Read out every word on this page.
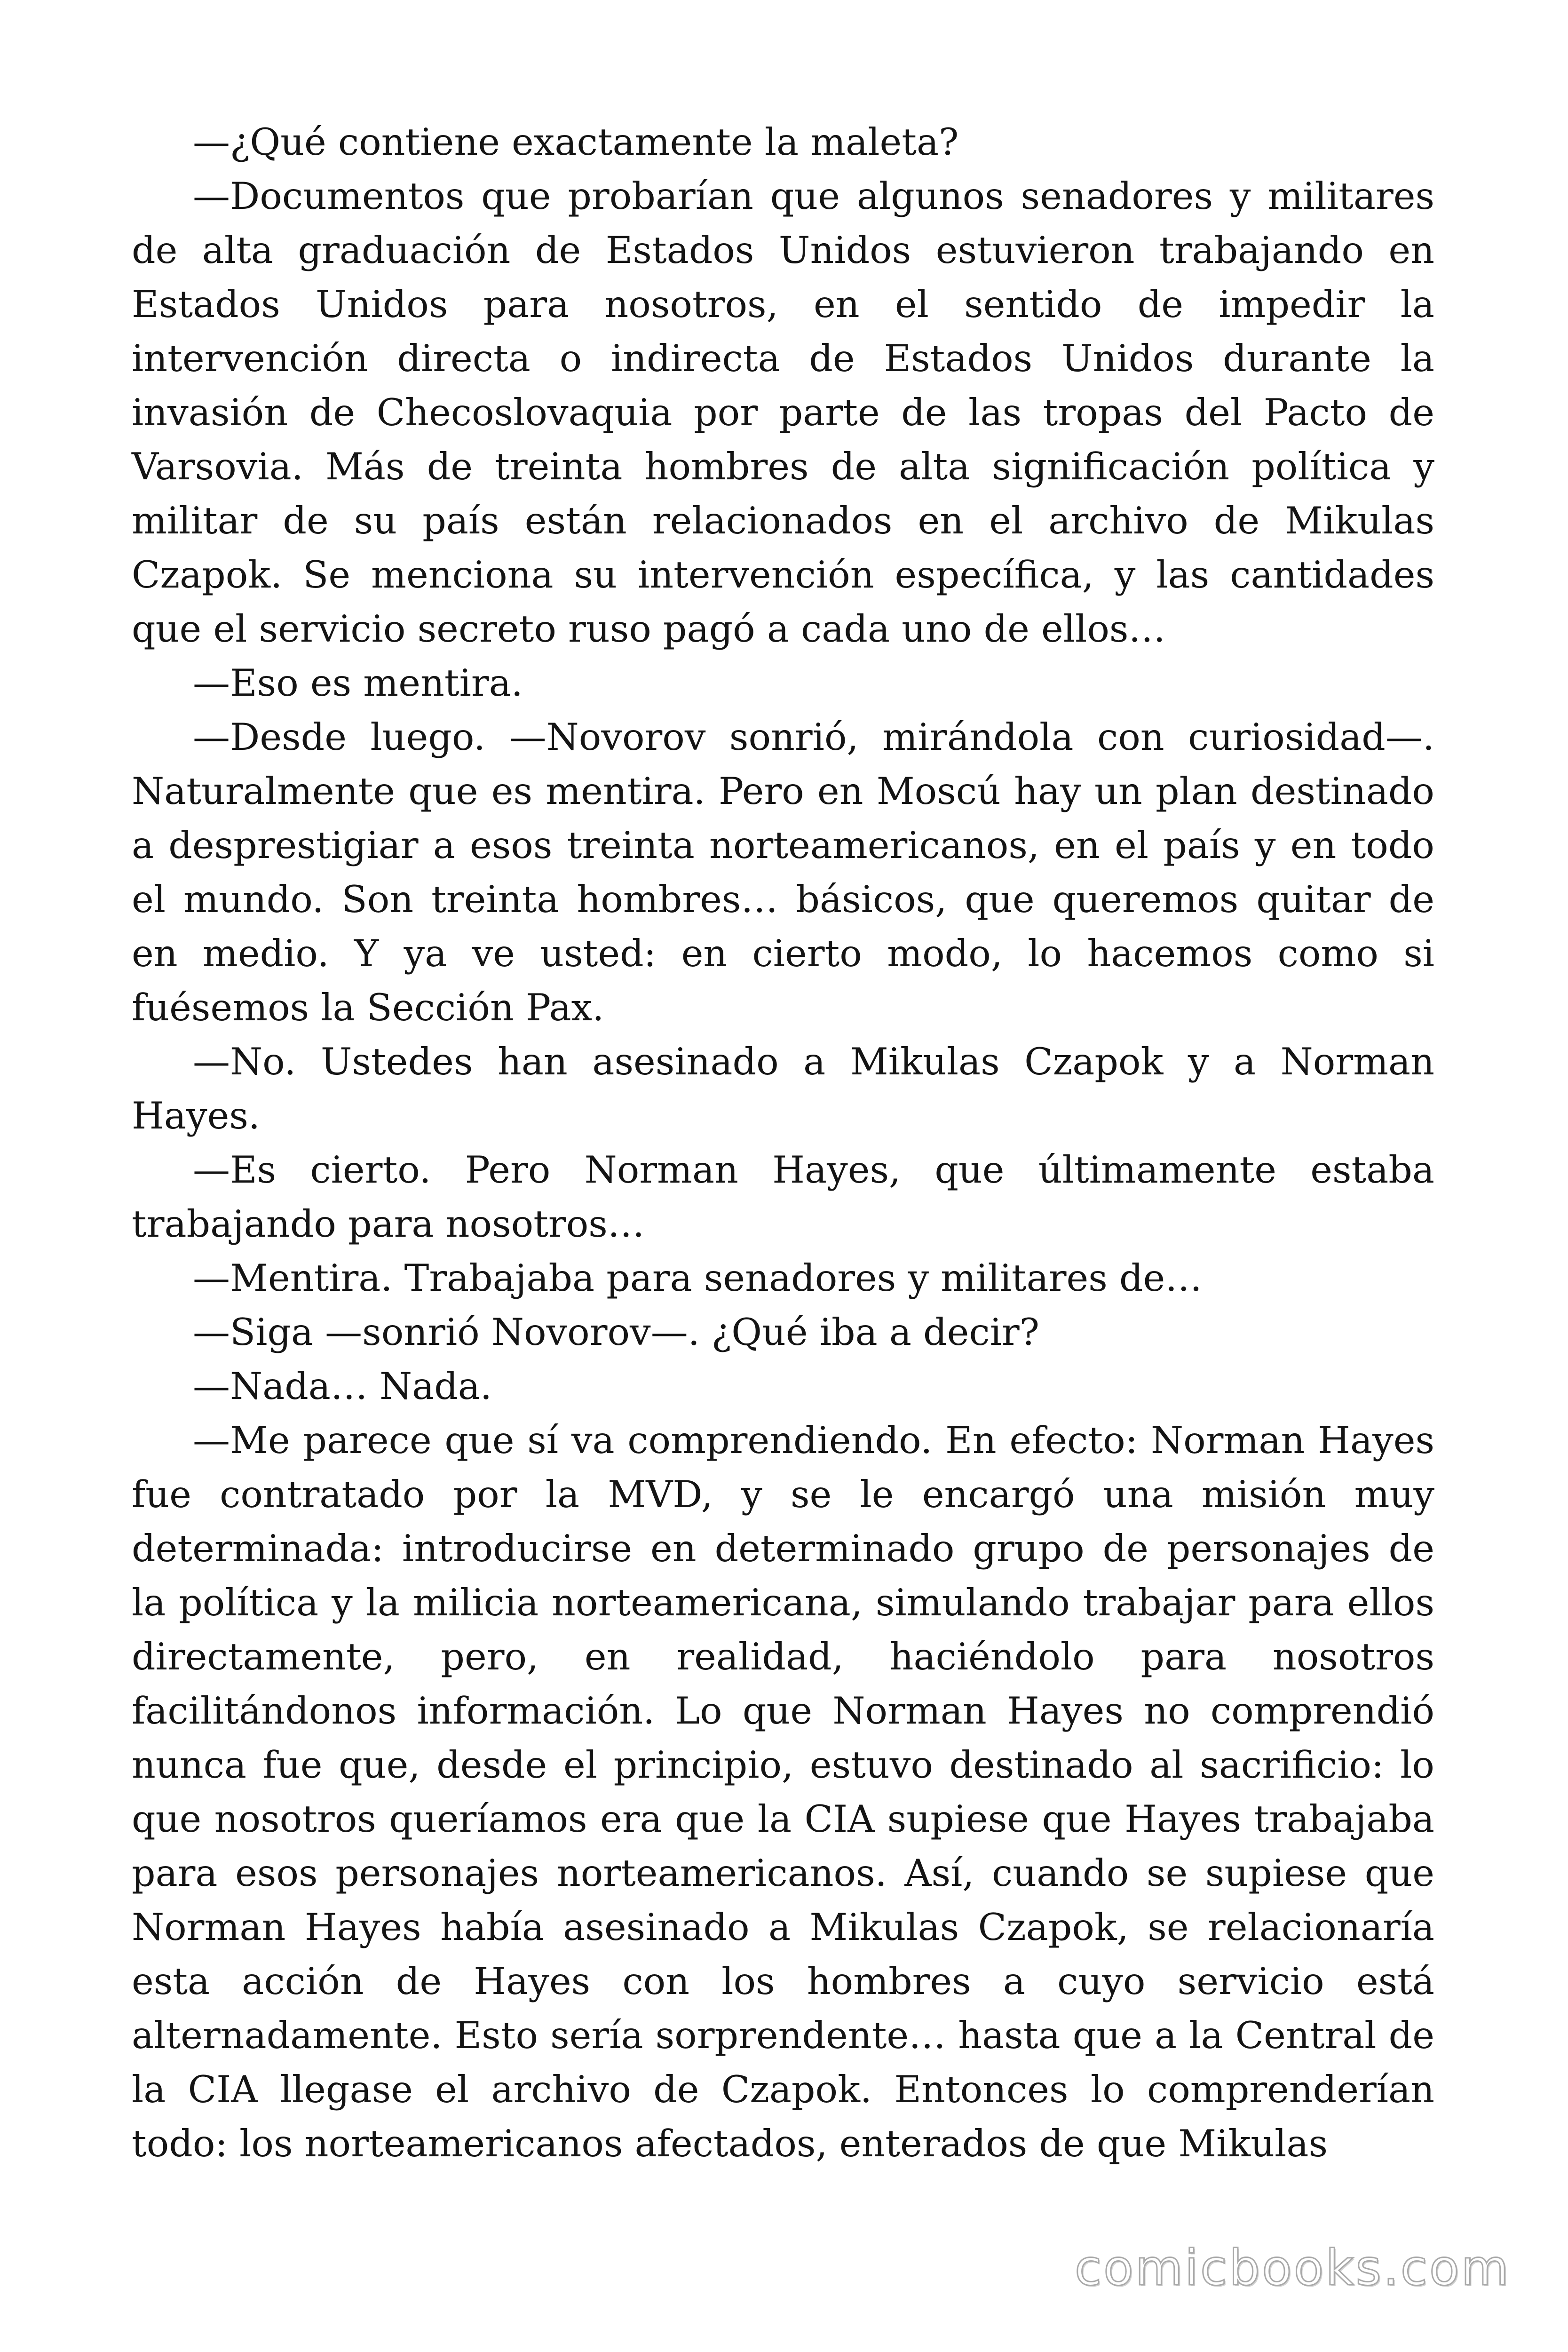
—¿Qué contiene exactamente la maleta?

—Documentos que probarían que algunos senadores y militares de alta graduación de Estados Unidos estuvieron trabajando en Estados Unidos para nosotros, en el sentido de impedir la intervención directa o indirecta de Estados Unidos durante la invasión de Checoslovaquia por parte de las tropas del Pacto de Varsovia. Más de treinta hombres de alta significación política y militar de su país están relacionados en el archivo de Mikulas Czapok. Se menciona su intervención específica, y las cantidades que el servicio secreto ruso pagó a cada uno de ellos…

—Eso es mentira.

—Desde luego. —Novorov sonrió, mirándola con curiosidad—. Naturalmente que es mentira. Pero en Moscú hay un plan destinado a desprestigiar a esos treinta norteamericanos, en el país y en todo el mundo. Son treinta hombres… básicos, que queremos quitar de en medio. Y ya ve usted: en cierto modo, lo hacemos como si fuésemos la Sección Pax.

—No. Ustedes han asesinado a Mikulas Czapok y a Norman Hayes.

—Es cierto. Pero Norman Hayes, que últimamente estaba trabajando para nosotros…

—Mentira. Trabajaba para senadores y militares de…

—Siga —sonrió Novorov—. ¿Qué iba a decir?

—Nada… Nada.

—Me parece que sí va comprendiendo. En efecto: Norman Hayes fue contratado por la MVD, y se le encargó una misión muy determinada: introducirse en determinado grupo de personajes de la política y la milicia norteamericana, simulando trabajar para ellos directamente, pero, en realidad, haciéndolo para nosotros facilitándonos información. Lo que Norman Hayes no comprendió nunca fue que, desde el principio, estuvo destinado al sacrificio: lo que nosotros queríamos era que la CIA supiese que Hayes trabajaba para esos personajes norteamericanos. Así, cuando se supiese que Norman Hayes había asesinado a Mikulas Czapok, se relacionaría esta acción de Hayes con los hombres a cuyo servicio está alternadamente. Esto sería sorprendente… hasta que a la Central de la CIA llegase el archivo de Czapok. Entonces lo comprenderían todo: los norteamericanos afectados, enterados de que Mikulas

comicbooks.com
